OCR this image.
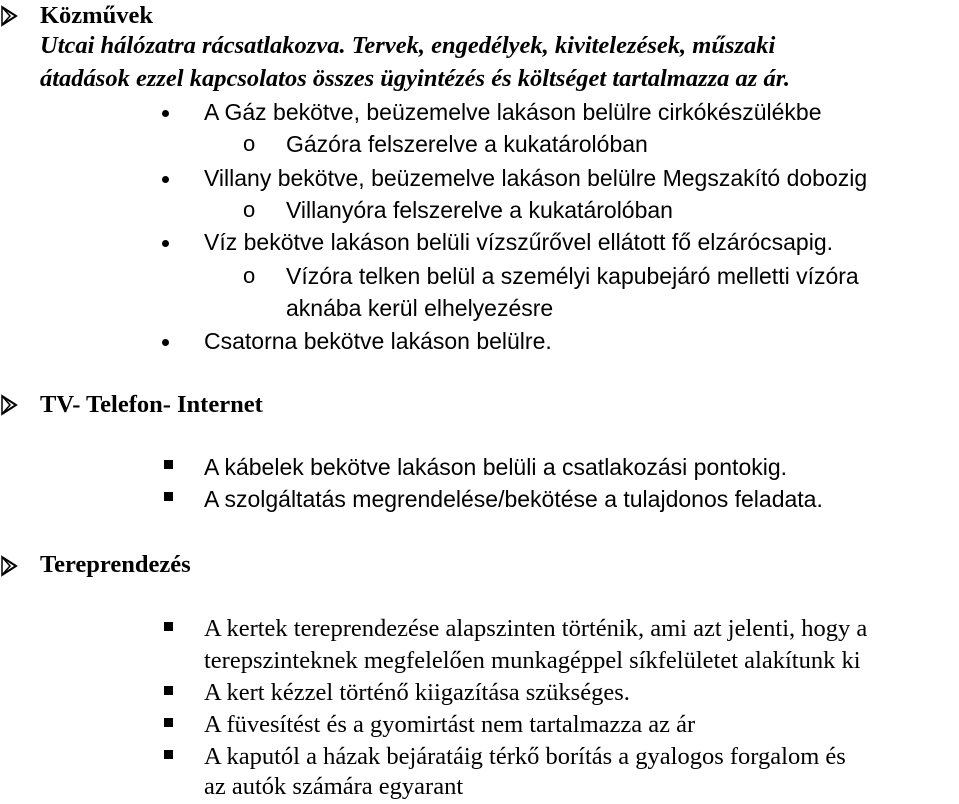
Közművek
Utcai hálózatra rácsatlakozva. Tervek, engedélyek, kivitelezések, műszaki
átadások ezzel kapcsolatos összes ügyintézés és költséget tartalmazza az ár.
A Gáz bekötve, beüzemelve lakáson belülre cirkókészülékbe
o Gázóra felszerelve a kukatárolóban
Villany bekötve, beüzemelve lakáson belülre Megszakító dobozig
o Villanyóra felszerelve a kukatárolóban
Víz bekötve lakáson belüli vízszűrővel ellátott fő elzárócsapig.
o Vízóra telken belül a személyi kapubejáró melletti vízóra
aknába kerül elhelyezésre
Csatorna bekötve lakáson belülre.
TV- Telefon- Internet
A kábelek bekötve lakáson belüli a csatlakozási pontokig.
A szolgáltatás megrendelése/bekötése a tulajdonos feladata.
Tereprendezés
A kertek tereprendezése alapszinten történik, ami azt jelenti, hogy a
terepszinteknek megfelelően munkagéppel síkfelületet alakítunk ki
A kert kézzel történő kiigazítása szükséges.
A füvesítést és a gyomirtást nem tartalmazza az ár
A kaputól a házak bejáratáig térkő borítás a gyalogos forgalom és
az autók számára egyarant
